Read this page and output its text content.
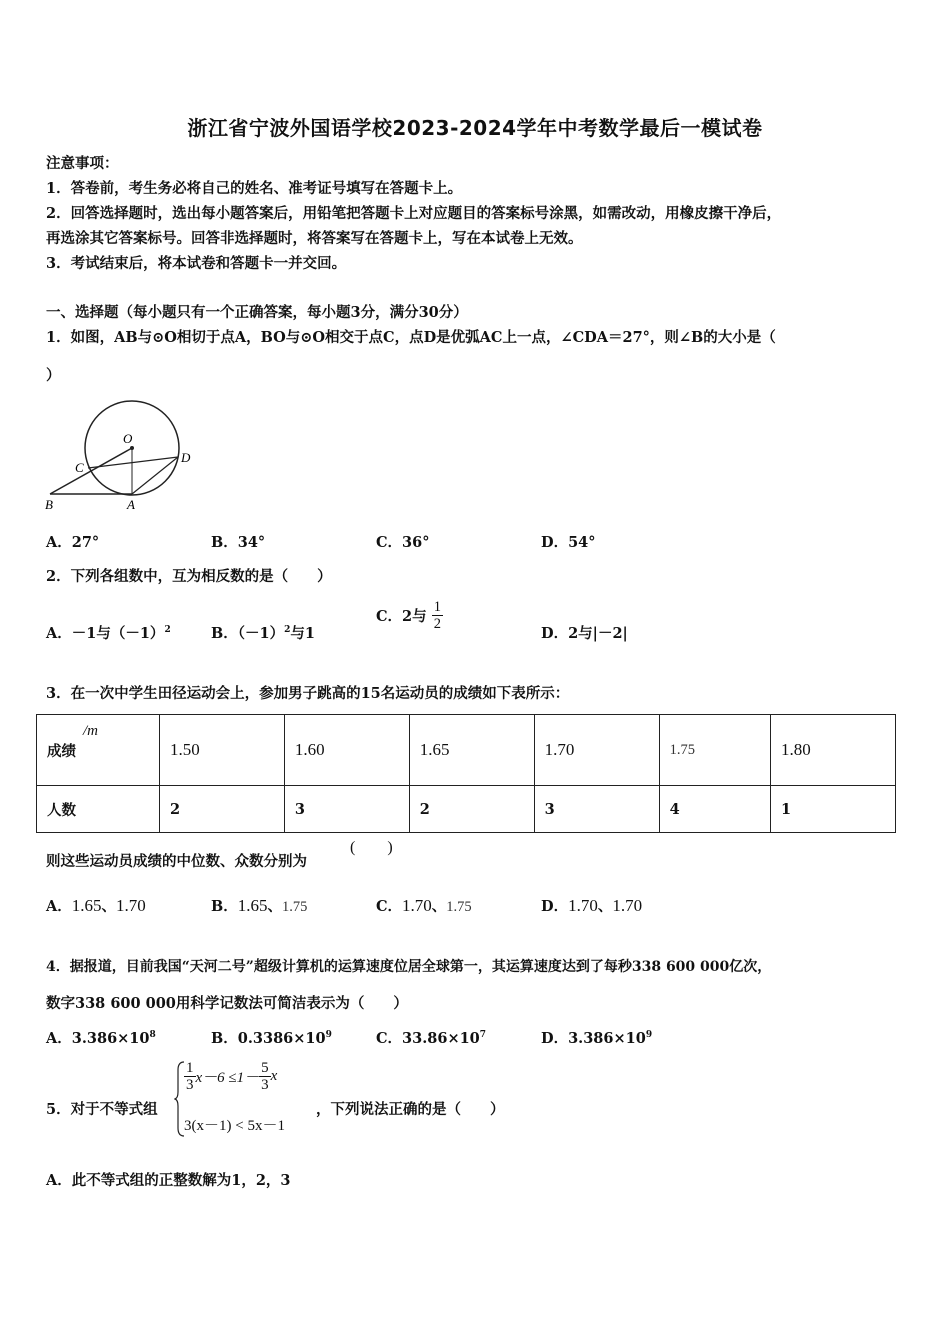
浙江省宁波外国语学校2023-2024学年中考数学最后一模试卷
注意事项：
1．答卷前，考生务必将自己的姓名、准考证号填写在答题卡上。
2．回答选择题时，选出每小题答案后，用铅笔把答题卡上对应题目的答案标号涂黑，如需改动，用橡皮擦干净后，
再选涂其它答案标号。回答非选择题时，将答案写在答题卡上，写在本试卷上无效。
3．考试结束后，将本试卷和答题卡一并交回。
一、选择题（每小题只有一个正确答案，每小题3分，满分30分）
1．如图，AB与⊙O相切于点A，BO与⊙O相交于点C，点D是优弧AC上一点，∠CDA＝27°，则∠B的大小是（
）
O
C
D
B	A
A．27°	B．34°	C．36°	D．54°
2．下列各组数中，互为相反数的是（　　）
A．－1与$(-1)^2$	B．$(-1)^2$与1
C．2与 $\frac{1}{2}$
D．2与|－2|
3．在一次中学生田径运动会上，参加男子跳高的15名运动员的成绩如下表所示：
成绩
/m	1.50	1.60	1.65	1.70	1.75	1.80
人数	2	3	2	3	4	1
则这些运动员成绩的中位数、众数分别为
(　　)
A．1.65、1.70	B．1.65、1.75	C．1.70、1.75	D．1.70、1.70
4．据报道，目前我国“天河二号”超级计算机的运算速度位居全球第一，其运算速度达到了每秒338 600 000亿次，
数字338 600 000用科学记数法可简洁表示为（　　）
A．$3.386\times 10^8$	B．$0.3386\times 10^9$	C．$33.86\times 10^7$	D．$3.386\times 10^9$
5．对于不等式组
$\frac{1}{3} x-6 \le 1- \frac{5}{3}$ x
3(x－1) < 5x－1
，下列说法正确的是（　　）
A．此不等式组的正整数解为1，2，3
